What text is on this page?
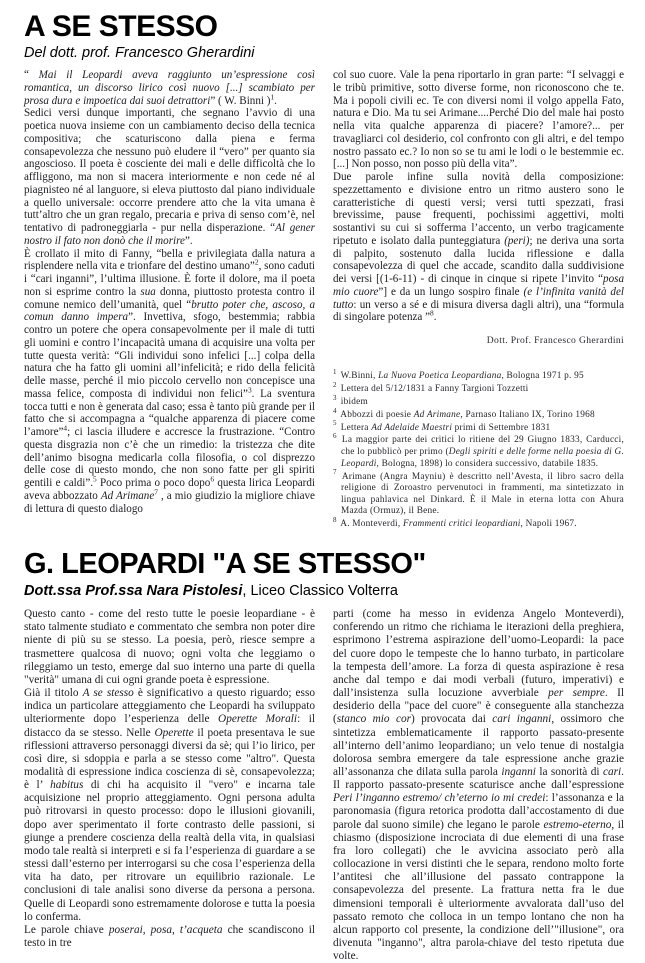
A SE STESSO
Del dott. prof. Francesco Gherardini
“ Mai il Leopardi aveva raggiunto un’espressione così romantica, un discorso lirico così nuovo [...] scambiato per prosa dura e impoetica dai suoi detrattori” ( W. Binni )$^1$.
Sedici versi dunque importanti, che segnano l’avvio di una poetica nuova insieme con un cambiamento deciso della tecnica compositiva; che scaturiscono dalla piena e ferma consapevolezza che nessuno può eludere il “vero” per quanto sia angoscioso. Il poeta è cosciente dei mali e delle difficoltà che lo affliggono, ma non si macera interiormente e non cede né al piagnisteo né al languore, si eleva piuttosto dal piano individuale a quello universale: occorre prendere atto che la vita umana è tutt’altro che un gran regalo, precaria e priva di senso com’è, nel tentativo di padroneggiarla - pur nella disperazione. “Al gener nostro il fato non donò che il morire”.
È crollato il mito di Fanny, “bella e privilegiata dalla natura a risplendere nella vita e trionfare del destino umano”$^2$, sono caduti i “cari inganni”, l’ultima illusione. È forte il dolore, ma il poeta non si esprime contro la sua donna, piuttosto protesta contro il comune nemico dell’umanità, quel “brutto poter che, ascoso, a comun danno impera”. Invettiva, sfogo, bestemmia; rabbia contro un potere che opera consapevolmente per il male di tutti gli uomini e contro l’incapacità umana di acquisire una volta per tutte questa verità: “Gli individui sono infelici [...] colpa della natura che ha fatto gli uomini all’infelicità; e rido della felicità delle masse, perché il mio piccolo cervello non concepisce una massa felice, composta di individui non felici”$^3$. La sventura tocca tutti e non è generata dal caso; essa è tanto più grande per il fatto che si accompagna a “qualche apparenza di piacere come l’amore”$^4$; ci lascia illudere e accresce la frustrazione. “Contro questa disgrazia non c’è che un rimedio: la tristezza che dite dell’animo bisogna medicarla colla filosofia, o col disprezzo delle cose di questo mondo, che non sono fatte per gli spiriti gentili e caldi”.$^5$ Poco prima o poco dopo$^6$ questa lirica Leopardi aveva abbozzato Ad Arimane$^7$ , a mio giudizio la migliore chiave di lettura di questo dialogo
col suo cuore. Vale la pena riportarlo in gran parte: “I selvaggi e le tribù primitive, sotto diverse forme, non riconoscono che te. Ma i popoli civili ec. Te con diversi nomi il volgo appella Fato, natura e Dio. Ma tu sei Arimane....Perché Dio del male hai posto nella vita qualche apparenza di piacere? l’amore?... per travagliarci col desiderio, col confronto con gli altri, e del tempo nostro passato ec.? Io non so se tu ami le lodi o le bestemmie ec. [...] Non posso, non posso più della vita”.
Due parole infine sulla novità della composizione: spezzettamento e divisione entro un ritmo austero sono le caratteristiche di questi versi; versi tutti spezzati, frasi brevissime, pause frequenti, pochissimi aggettivi, molti sostantivi su cui si sofferma l’accento, un verbo tragicamente ripetuto e isolato dalla punteggiatura (peri); ne deriva una sorta di palpito, sostenuto dalla lucida riflessione e dalla consapevolezza di quel che accade, scandito dalla suddivisione dei versi [(1-6-11) - di cinque in cinque si ripete l’invito “posa mio cuore”] e da un lungo sospiro finale (e l’infinita vanità del tutto: un verso a sé e di misura diversa dagli altri), una “formula di singolare potenza ”$^8$.
Dott. Prof. Francesco Gherardini

$^1$ W.Binni, La Nuova Poetica Leopardiana, Bologna 1971 p. 95

$^2$ Lettera del 5/12/1831 a Fanny Targioni Tozzetti

$^3$ ibidem

$^4$ Abbozzi di poesie Ad Arimane, Parnaso Italiano IX, Torino 1968

$^5$ Lettera Ad Adelaide Maestri primi di Settembre 1831

$^6$ La maggior parte dei critici lo ritiene del 29 Giugno 1833, Carducci, che lo pubblicò per primo (Degli spiriti e delle forme nella poesia di G. Leopardi, Bologna, 1898) lo considera successivo, databile 1835.

$^7$ Arimane (Angra Mayniu) è descritto nell’Avesta, il libro sacro della religione di Zoroastro pervenutoci in frammenti, ma sintetizzato in lingua pahlavica nel Dinkard. È il Male in eterna lotta con Ahura Mazda (Ormuz), il Bene.

$^8$ A. Monteverdi, Frammenti critici leopardiani, Napoli 1967.

G. LEOPARDI "A SE STESSO"
Dott.ssa Prof.ssa Nara Pistolesi, Liceo Classico Volterra
Questo canto - come del resto tutte le poesie leopardiane - è stato talmente studiato e commentato che sembra non poter dire niente di più su se stesso. La poesia, però, riesce sempre a trasmettere qualcosa di nuovo; ogni volta che leggiamo o rileggiamo un testo, emerge dal suo interno una parte di quella "verità" umana di cui ogni grande poeta è espressione.
Già il titolo A se stesso è significativo a questo riguardo; esso indica un particolare atteggiamento che Leopardi ha sviluppato ulteriormente dopo l’esperienza delle Operette Morali: il distacco da se stesso. Nelle Operette il poeta presentava le sue riflessioni attraverso personaggi diversi da sè; qui l’io lirico, per così dire, si sdoppia e parla a se stesso come "altro". Questa modalità di espressione indica coscienza di sè, consapevolezza; è l’ habitus di chi ha acquisito il "vero" e incarna tale acquisizione nel proprio atteggiamento. Ogni persona adulta può ritrovarsi in questo processo: dopo le illusioni giovanili, dopo aver sperimentato il forte contrasto delle passioni, si giunge a prendere coscienza della realtà della vita, in qualsiasi modo tale realtà si interpreti e si fa l’esperienza di guardare a se stessi dall’esterno per interrogarsi su che cosa l’esperienza della vita ha dato, per ritrovare un equilibrio razionale. Le conclusioni di tale analisi sono diverse da persona a persona. Quelle di Leopardi sono estremamente dolorose e tutta la poesia lo conferma.
Le parole chiave poserai, posa, t’acqueta che scandiscono il testo in tre
parti (come ha messo in evidenza Angelo Monteverdi), conferendo un ritmo che richiama le iterazioni della preghiera, esprimono l’estrema aspirazione dell’uomo-Leopardi: la pace del cuore dopo le tempeste che lo hanno turbato, in particolare la tempesta dell’amore. La forza di questa aspirazione è resa anche dal tempo e dai modi verbali (futuro, imperativi) e dall’insistenza sulla locuzione avverbiale per sempre. Il desiderio della "pace del cuore" è conseguente alla stanchezza (stanco mio cor) provocata dai cari inganni, ossimoro che sintetizza emblematicamente il rapporto passato-presente all’interno dell’animo leopardiano; un velo tenue di nostalgia dolorosa sembra emergere da tale espressione anche grazie all’assonanza che dilata sulla parola inganni la sonorità di cari. Il rapporto passato-presente scaturisce anche dall’espressione Peri l’inganno estremo/ ch’eterno io mi credei: l’assonanza e la paronomasia (figura retorica prodotta dall’accostamento di due parole dal suono simile) che legano le parole estremo-eterno, il chiasmo (disposizione incrociata di due elementi di una frase fra loro collegati) che le avvicina associato però alla collocazione in versi distinti che le separa, rendono molto forte l’antitesi che all’illusione del passato contrappone la consapevolezza del presente. La frattura netta fra le due dimensioni temporali è ulteriormente avvalorata dall’uso del passato remoto che colloca in un tempo lontano che non ha alcun rapporto col presente, la condizione dell’"illusione", ora divenuta "inganno", altra parola-chiave del testo ripetuta due volte.
